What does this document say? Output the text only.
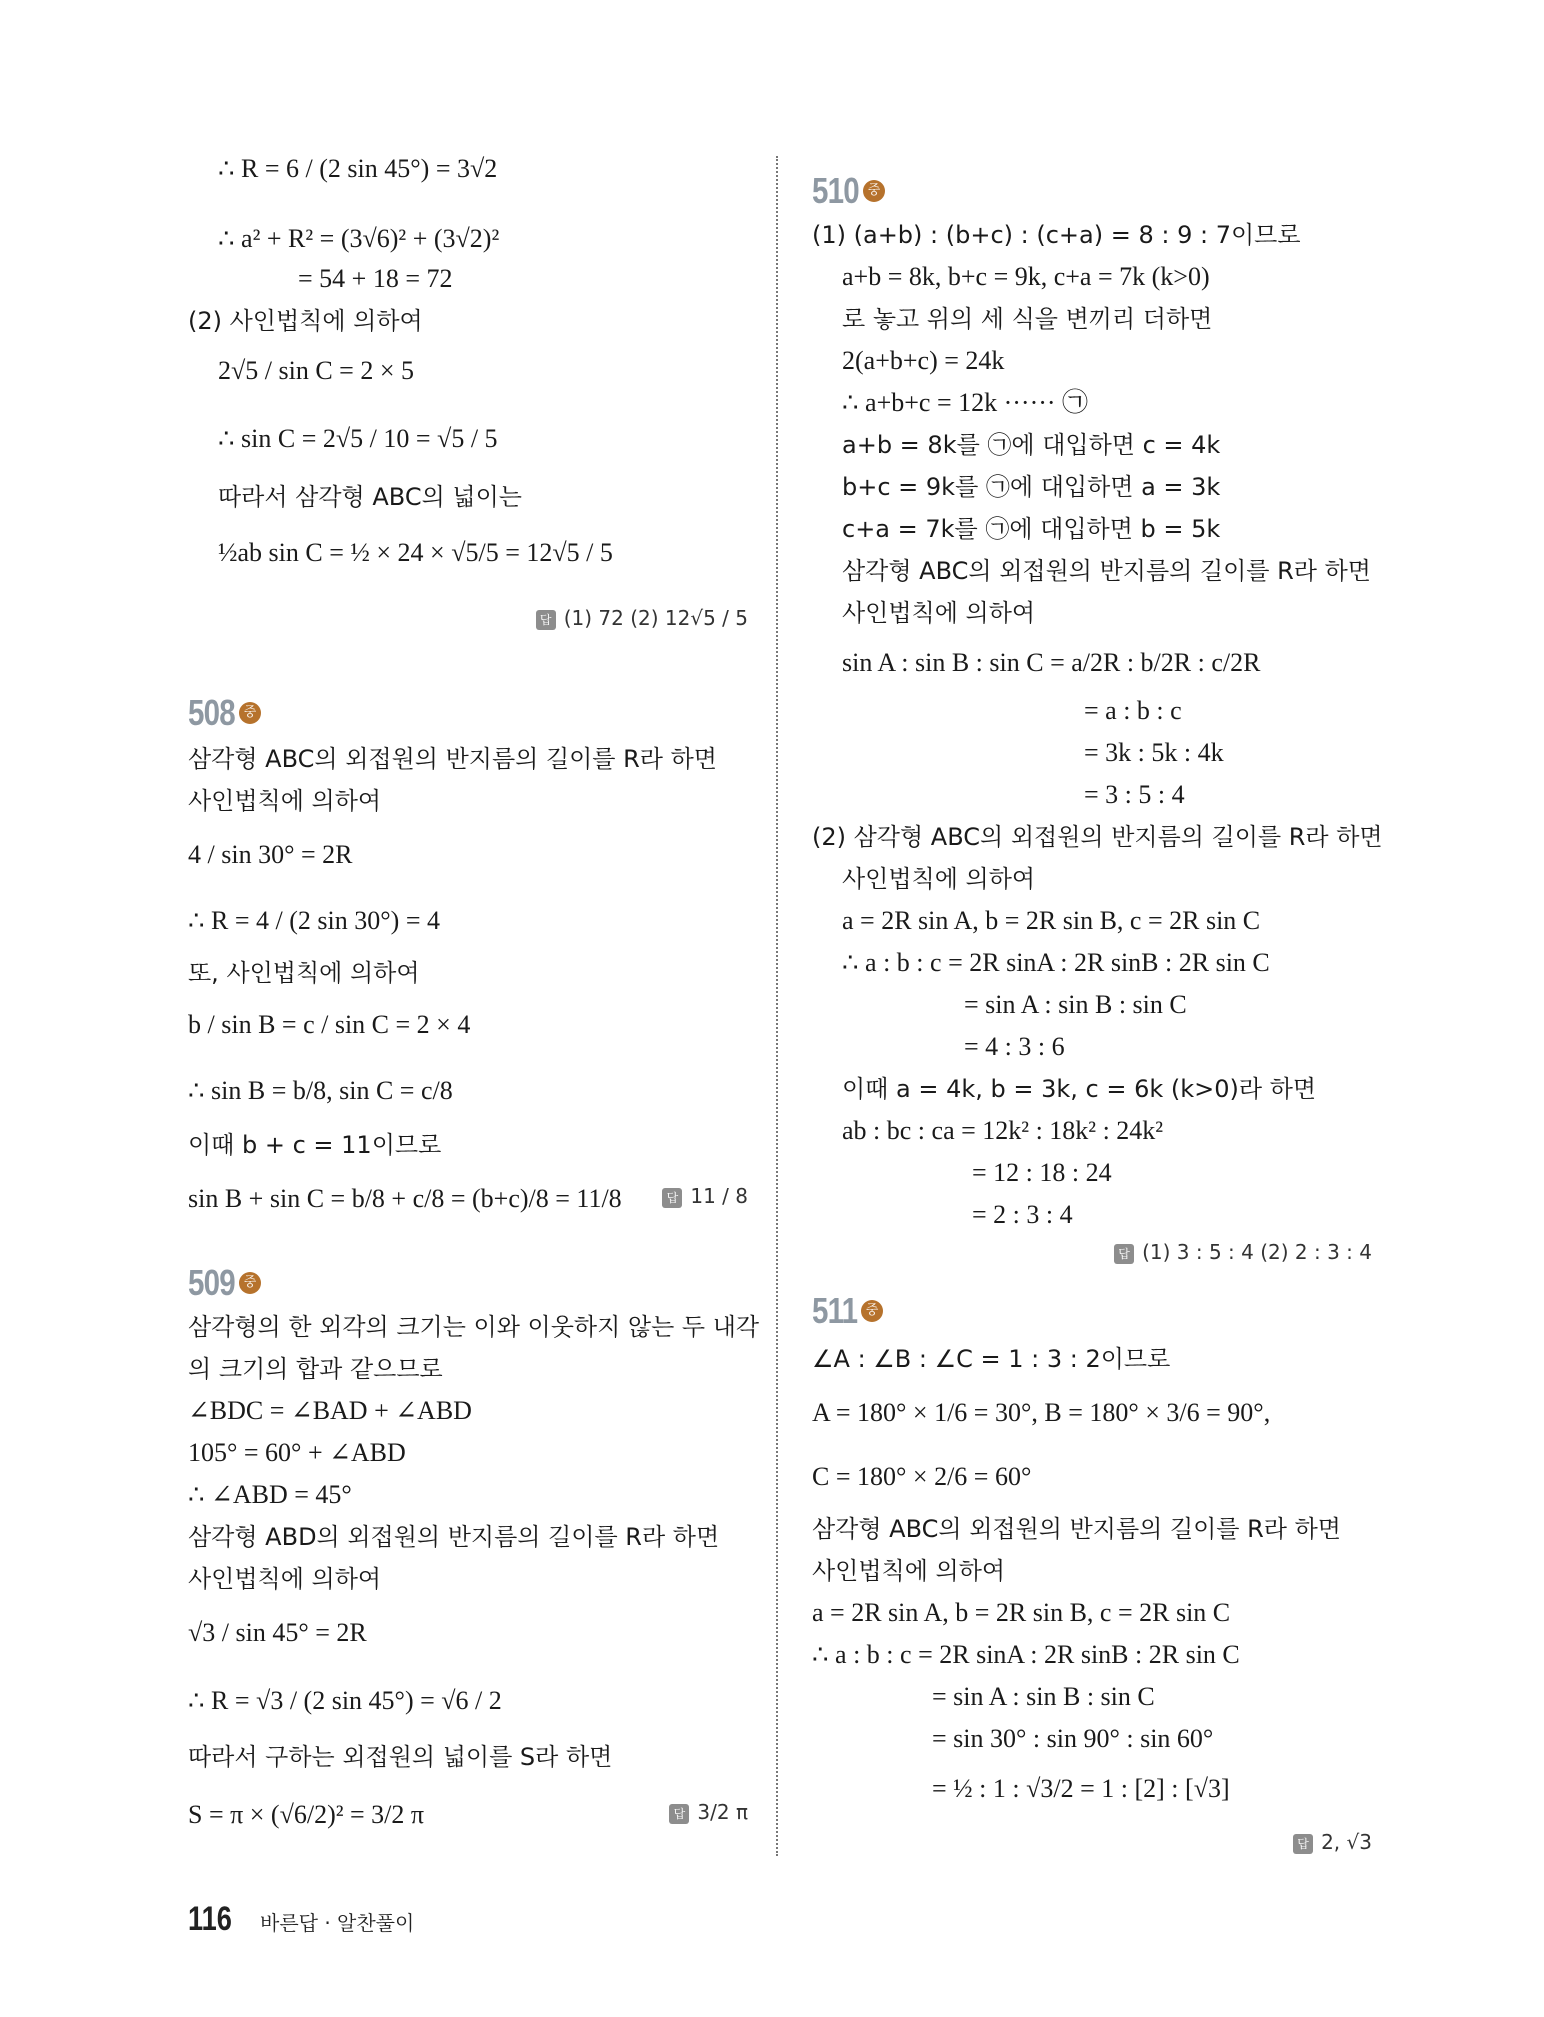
∴ R = 6 / (2 sin 45°) = 3√2
∴ a² + R² = (3√6)² + (3√2)²
= 54 + 18 = 72
(2) 사인법칙에 의하여
2√5 / sin C = 2 × 5
∴ sin C = 2√5 / 10 = √5 / 5
따라서 삼각형 ABC의 넓이는
½ab sin C = ½ × 24 × √5/5 = 12√5 / 5
답 (1) 72 (2) 12√5 / 5
508 중
삼각형 ABC의 외접원의 반지름의 길이를 R라 하면
사인법칙에 의하여
4 / sin 30° = 2R
∴ R = 4 / (2 sin 30°) = 4
또, 사인법칙에 의하여
b / sin B = c / sin C = 2 × 4
∴ sin B = b/8, sin C = c/8
이때 b + c = 11이므로
sin B + sin C = b/8 + c/8 = (b+c)/8 = 11/8	답 11 / 8
509 중
삼각형의 한 외각의 크기는 이와 이웃하지 않는 두 내각
의 크기의 합과 같으므로
∠BDC = ∠BAD + ∠ABD
105° = 60° + ∠ABD
∴ ∠ABD = 45°
삼각형 ABD의 외접원의 반지름의 길이를 R라 하면
사인법칙에 의하여
√3 / sin 45° = 2R
∴ R = √3 / (2 sin 45°) = √6 / 2
따라서 구하는 외접원의 넓이를 S라 하면
S = π × (√6/2)² = 3/2 π	답 3/2 π
510 중
(1) (a+b) : (b+c) : (c+a) = 8 : 9 : 7이므로
a+b = 8k, b+c = 9k, c+a = 7k (k>0)
로 놓고 위의 세 식을 변끼리 더하면
2(a+b+c) = 24k
∴ a+b+c = 12k ······ ㉠
a+b = 8k를 ㉠에 대입하면 c = 4k
b+c = 9k를 ㉠에 대입하면 a = 3k
c+a = 7k를 ㉠에 대입하면 b = 5k
삼각형 ABC의 외접원의 반지름의 길이를 R라 하면
사인법칙에 의하여
sin A : sin B : sin C = a/2R : b/2R : c/2R
= a : b : c
= 3k : 5k : 4k
= 3 : 5 : 4
(2) 삼각형 ABC의 외접원의 반지름의 길이를 R라 하면
사인법칙에 의하여
a = 2R sin A, b = 2R sin B, c = 2R sin C
∴ a : b : c = 2R sinA : 2R sinB : 2R sin C
= sin A : sin B : sin C
= 4 : 3 : 6
이때 a = 4k, b = 3k, c = 6k (k>0)라 하면
ab : bc : ca = 12k² : 18k² : 24k²
= 12 : 18 : 24
= 2 : 3 : 4
답 (1) 3 : 5 : 4 (2) 2 : 3 : 4
511 중
∠A : ∠B : ∠C = 1 : 3 : 2이므로
A = 180° × 1/6 = 30°, B = 180° × 3/6 = 90°,
C = 180° × 2/6 = 60°
삼각형 ABC의 외접원의 반지름의 길이를 R라 하면
사인법칙에 의하여
a = 2R sin A, b = 2R sin B, c = 2R sin C
∴ a : b : c = 2R sinA : 2R sinB : 2R sin C
= sin A : sin B : sin C
= sin 30° : sin 90° : sin 60°
= ½ : 1 : √3/2 = 1 : [2] : [√3]
답 2, √3
116	바른답 · 알찬풀이
